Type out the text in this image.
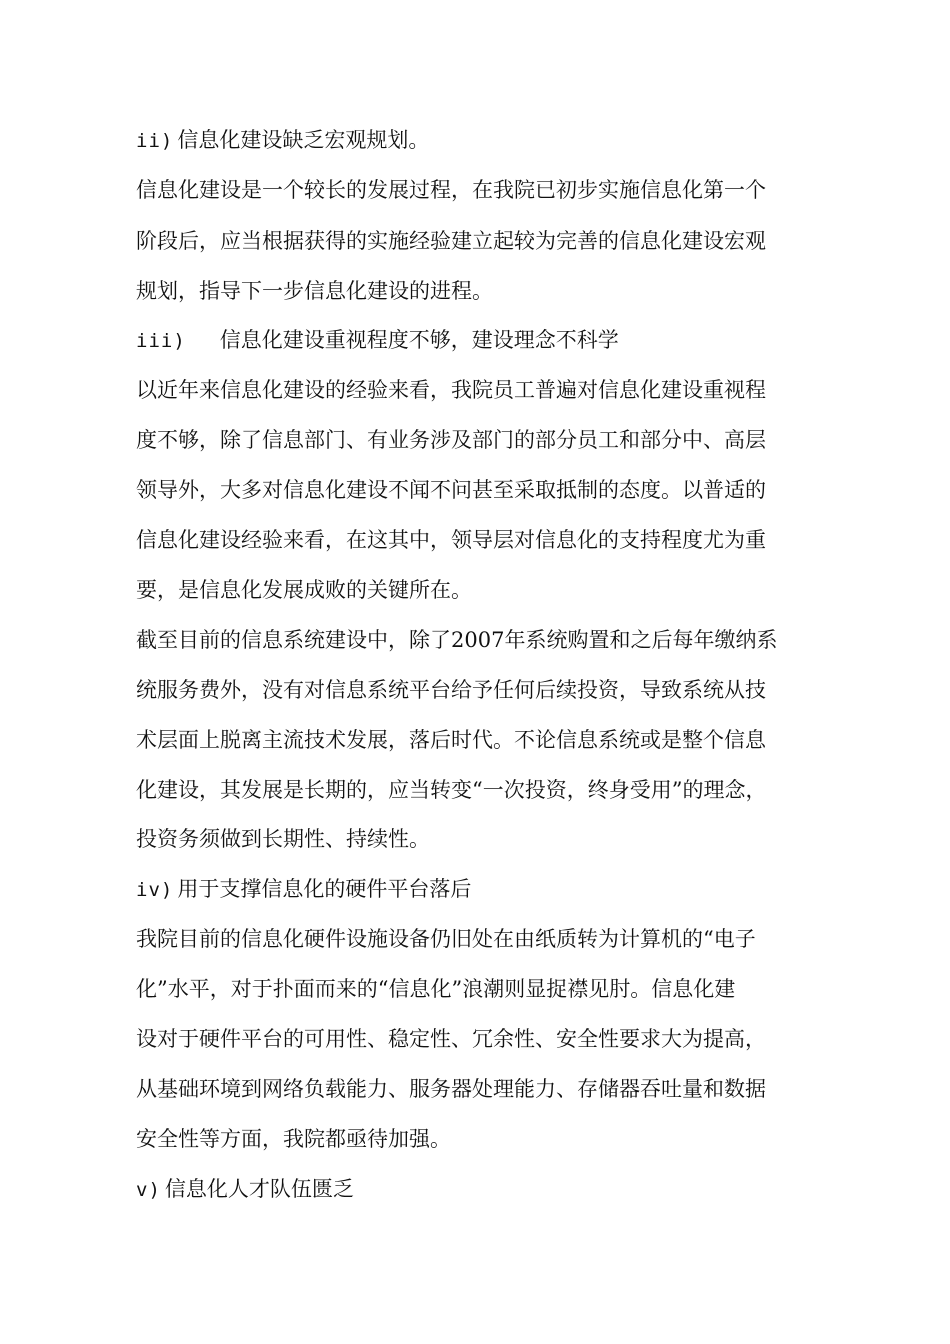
ii) 信息化建设缺乏宏观规划。

信息化建设是一个较长的发展过程，在我院已初步实施信息化第一个

阶段后，应当根据获得的实施经验建立起较为完善的信息化建设宏观

规划，指导下一步信息化建设的进程。

iii) 信息化建设重视程度不够，建设理念不科学

以近年来信息化建设的经验来看，我院员工普遍对信息化建设重视程

度不够，除了信息部门、有业务涉及部门的部分员工和部分中、高层

领导外，大多对信息化建设不闻不问甚至采取抵制的态度。以普适的

信息化建设经验来看，在这其中，领导层对信息化的支持程度尤为重

要，是信息化发展成败的关键所在。

截至目前的信息系统建设中，除了2007年系统购置和之后每年缴纳系

统服务费外，没有对信息系统平台给予任何后续投资，导致系统从技

术层面上脱离主流技术发展，落后时代。不论信息系统或是整个信息

化建设，其发展是长期的，应当转变“一次投资，终身受用”的理念，

投资务须做到长期性、持续性。

iv) 用于支撑信息化的硬件平台落后

我院目前的信息化硬件设施设备仍旧处在由纸质转为计算机的“电子

化”水平，对于扑面而来的“信息化”浪潮则显捉襟见肘。信息化建

设对于硬件平台的可用性、稳定性、冗余性、安全性要求大为提高，

从基础环境到网络负载能力、服务器处理能力、存储器吞吐量和数据

安全性等方面，我院都亟待加强。

v) 信息化人才队伍匮乏
